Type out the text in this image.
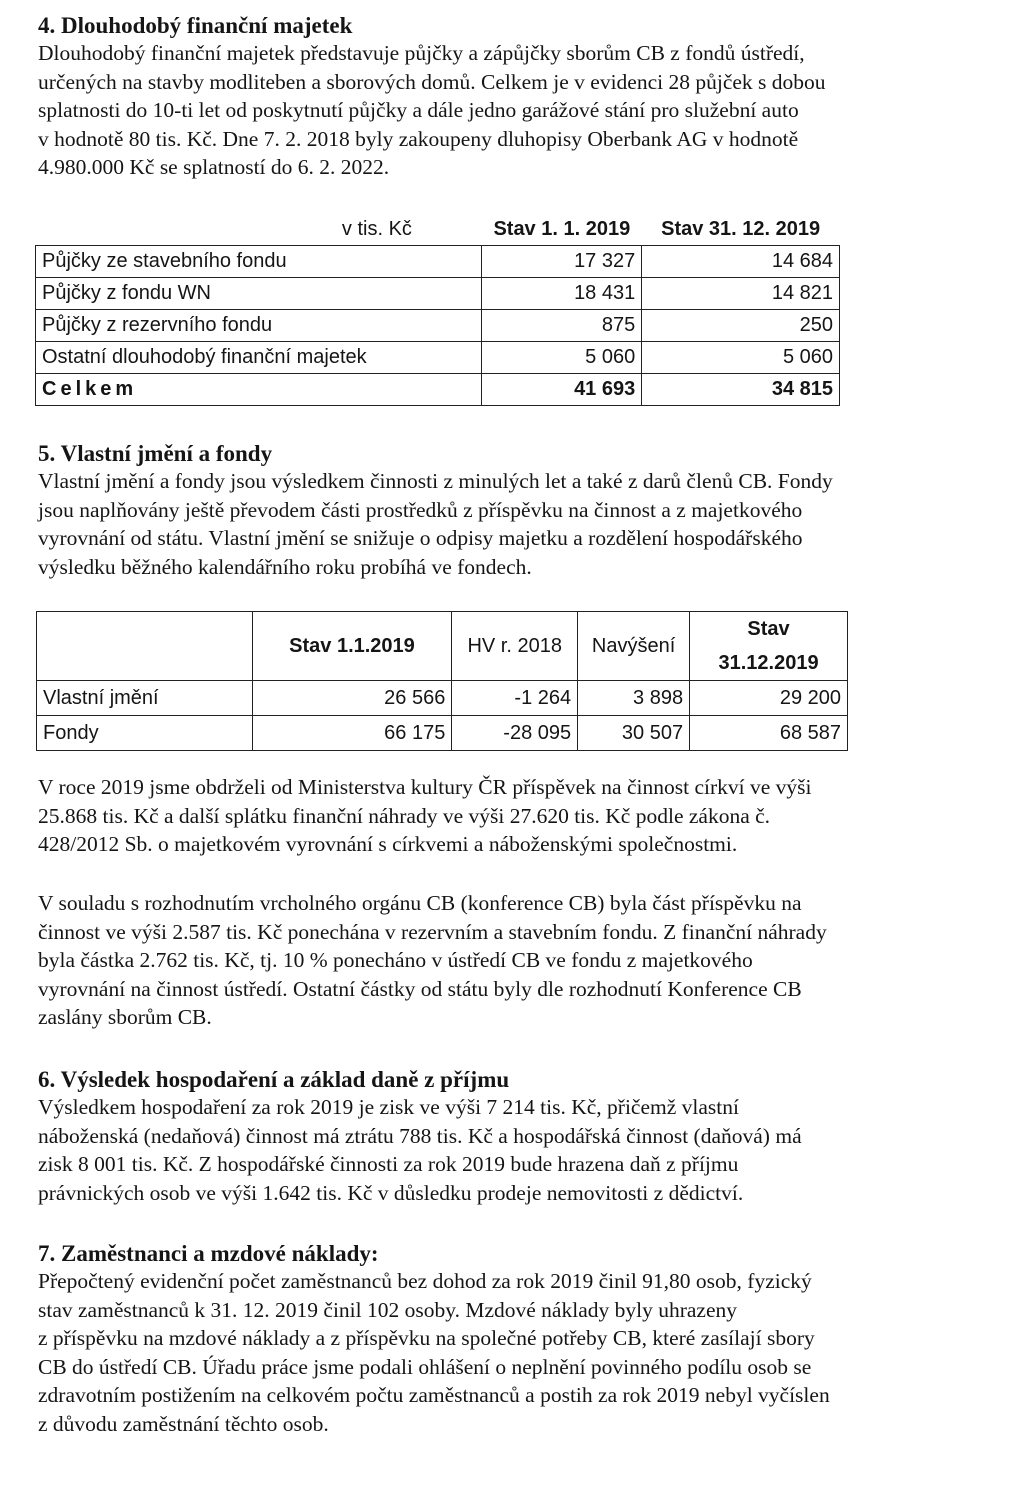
4. Dlouhodobý finanční majetek

Dlouhodobý finanční majetek představuje půjčky a zápůjčky sborům CB z fondů ústředí,
určených na stavby modliteben a sborových domů. Celkem je v evidenci 28 půjček s dobou
splatnosti do 10-ti let od poskytnutí půjčky a dále jedno garážové stání pro služební auto
v hodnotě 80 tis. Kč. Dne 7. 2. 2018 byly zakoupeny dluhopisy Oberbank AG v hodnotě
4.980.000 Kč se splatností do 6. 2. 2022.

v tis. Kč	Stav 1. 1. 2019	Stav 31. 12. 2019
Půjčky ze stavebního fondu	17 327	14 684
Půjčky z fondu WN	18 431	14 821
Půjčky z rezervního fondu	875	250
Ostatní dlouhodobý finanční majetek	5 060	5 060
Celkem	41 693	34 815
5. Vlastní jmění a fondy

Vlastní jmění a fondy jsou výsledkem činnosti z minulých let a také z darů členů CB. Fondy
jsou naplňovány ještě převodem části prostředků z příspěvku na činnost a z majetkového
vyrovnání od státu. Vlastní jmění se snižuje o odpisy majetku a rozdělení hospodářského
výsledku běžného kalendářního roku probíhá ve fondech.

	Stav 1.1.2019	HV r. 2018	Navýšení	Stav 31.12.2019
Vlastní jmění	26 566	-1 264	3 898	29 200
Fondy	66 175	-28 095	30 507	68 587

V roce 2019 jsme obdrželi od Ministerstva kultury ČR příspěvek na činnost církví ve výši
25.868 tis. Kč a další splátku finanční náhrady ve výši 27.620 tis. Kč podle zákona č.
428/2012 Sb. o majetkovém vyrovnání s církvemi a náboženskými společnostmi.

V souladu s rozhodnutím vrcholného orgánu CB (konference CB) byla část příspěvku na
činnost ve výši 2.587 tis. Kč ponechána v rezervním a stavebním fondu. Z finanční náhrady
byla částka 2.762 tis. Kč, tj. 10 % ponecháno v ústředí CB ve fondu z majetkového
vyrovnání na činnost ústředí. Ostatní částky od státu byly dle rozhodnutí Konference CB
zaslány sborům CB.

6. Výsledek hospodaření a základ daně z příjmu

Výsledkem hospodaření za rok 2019 je zisk ve výši 7 214 tis. Kč, přičemž vlastní
náboženská (nedaňová) činnost má ztrátu 788 tis. Kč a hospodářská činnost (daňová) má
zisk 8 001 tis. Kč. Z hospodářské činnosti za rok 2019 bude hrazena daň z příjmu
právnických osob ve výši 1.642 tis. Kč v důsledku prodeje nemovitosti z dědictví.

7. Zaměstnanci a mzdové náklady:

Přepočtený evidenční počet zaměstnanců bez dohod za rok 2019 činil 91,80 osob, fyzický
stav zaměstnanců k 31. 12. 2019 činil 102 osoby. Mzdové náklady byly uhrazeny
z příspěvku na mzdové náklady a z příspěvku na společné potřeby CB, které zasílají sbory
CB do ústředí CB. Úřadu práce jsme podali ohlášení o neplnění povinného podílu osob se
zdravotním postižením na celkovém počtu zaměstnanců a postih za rok 2019 nebyl vyčíslen
z důvodu zaměstnání těchto osob.
